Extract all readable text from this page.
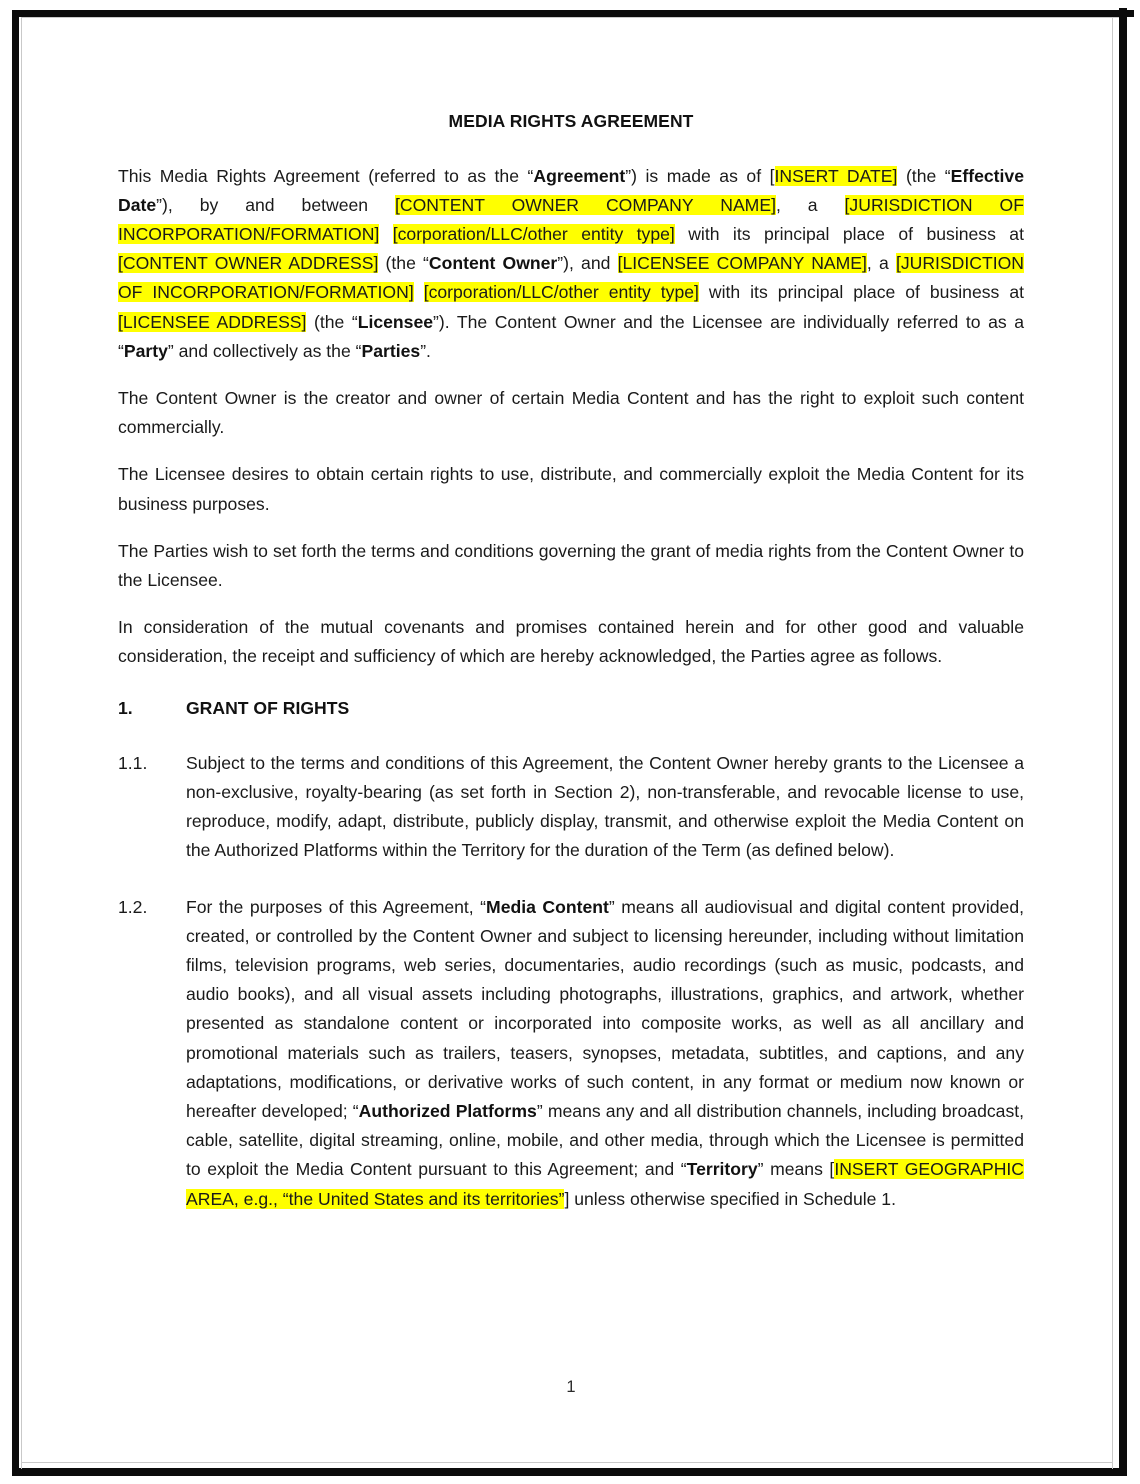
MEDIA RIGHTS AGREEMENT

This Media Rights Agreement (referred to as the “Agreement”) is made as of [INSERT DATE] (the “Effective Date”), by and between [CONTENT OWNER COMPANY NAME], a [JURISDICTION OF INCORPORATION/FORMATION] [corporation/LLC/other entity type] with its principal place of business at [CONTENT OWNER ADDRESS] (the “Content Owner”), and [LICENSEE COMPANY NAME], a [JURISDICTION OF INCORPORATION/FORMATION] [corporation/LLC/other entity type] with its principal place of business at [LICENSEE ADDRESS] (the “Licensee”). The Content Owner and the Licensee are individually referred to as a “Party” and collectively as the “Parties”.

The Content Owner is the creator and owner of certain Media Content and has the right to exploit such content commercially.

The Licensee desires to obtain certain rights to use, distribute, and commercially exploit the Media Content for its business purposes.

The Parties wish to set forth the terms and conditions governing the grant of media rights from the Content Owner to the Licensee.

In consideration of the mutual covenants and promises contained herein and for other good and valuable consideration, the receipt and sufficiency of which are hereby acknowledged, the Parties agree as follows.

1.	GRANT OF RIGHTS
1.1.	Subject to the terms and conditions of this Agreement, the Content Owner hereby grants to the Licensee a non-exclusive, royalty-bearing (as set forth in Section 2), non-transferable, and revocable license to use, reproduce, modify, adapt, distribute, publicly display, transmit, and otherwise exploit the Media Content on the Authorized Platforms within the Territory for the duration of the Term (as defined below).
1.2.	For the purposes of this Agreement, “Media Content” means all audiovisual and digital content provided, created, or controlled by the Content Owner and subject to licensing hereunder, including without limitation films, television programs, web series, documentaries, audio recordings (such as music, podcasts, and audio books), and all visual assets including photographs, illustrations, graphics, and artwork, whether presented as standalone content or incorporated into composite works, as well as all ancillary and promotional materials such as trailers, teasers, synopses, metadata, subtitles, and captions, and any adaptations, modifications, or derivative works of such content, in any format or medium now known or hereafter developed; “Authorized Platforms” means any and all distribution channels, including broadcast, cable, satellite, digital streaming, online, mobile, and other media, through which the Licensee is permitted to exploit the Media Content pursuant to this Agreement; and “Territory” means [INSERT GEOGRAPHIC AREA, e.g., “the United States and its territories”] unless otherwise specified in Schedule 1.
1
